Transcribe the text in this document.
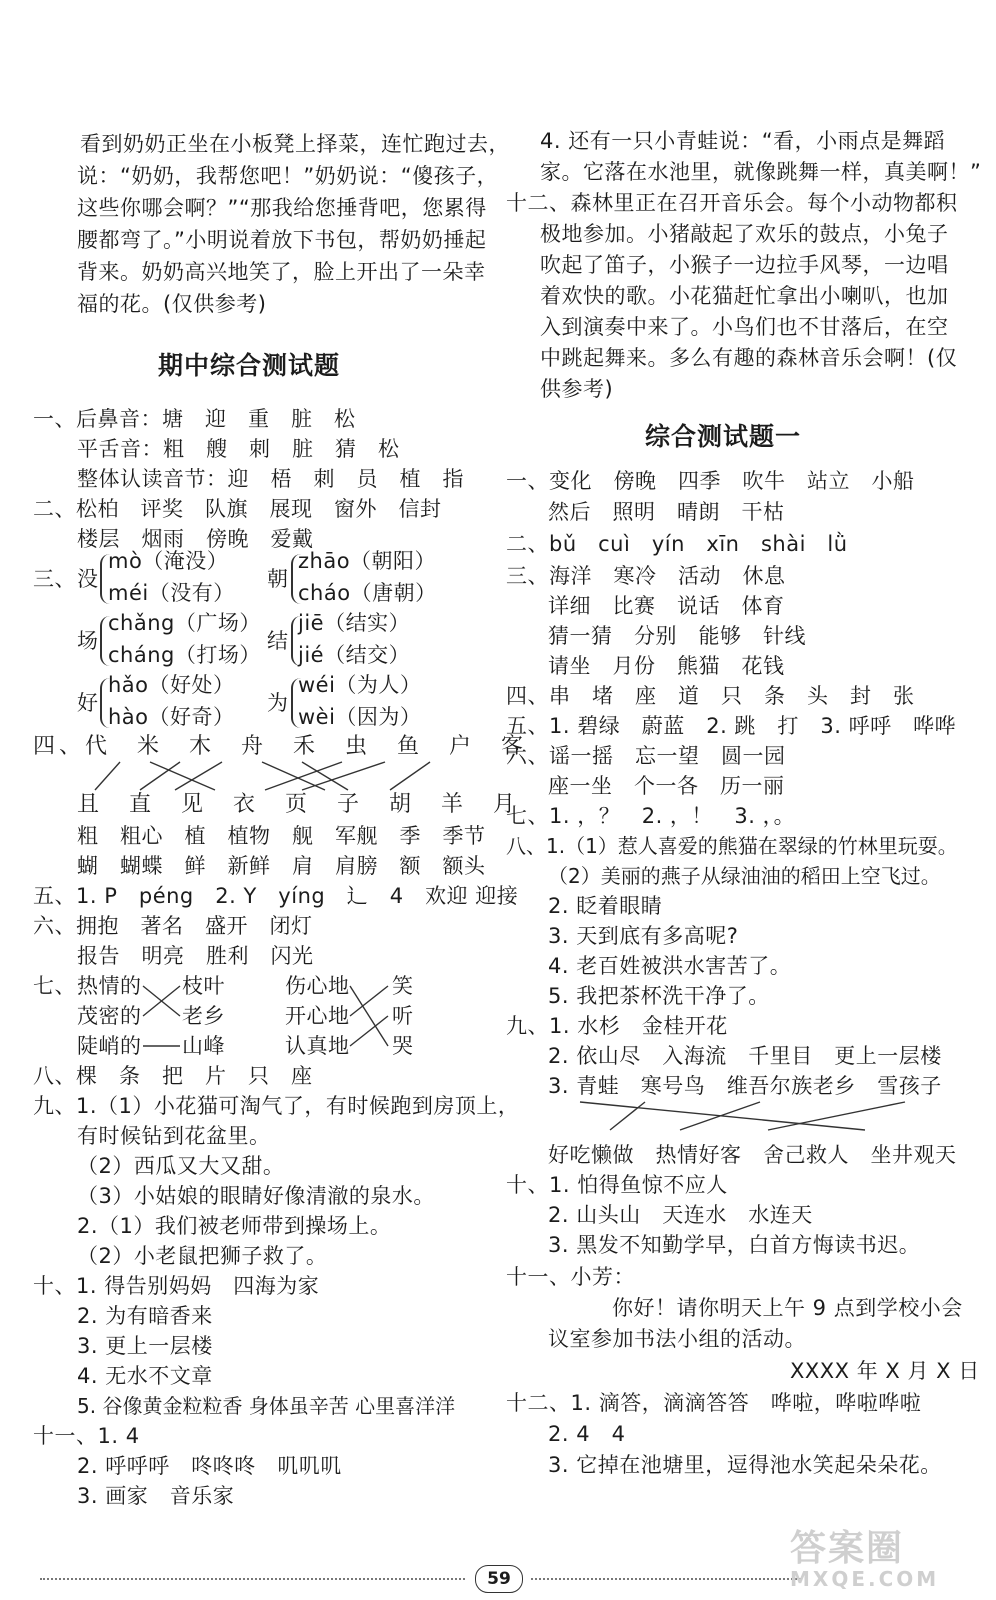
看到奶奶正坐在小板凳上择菜，连忙跑过去，
说：“奶奶，我帮您吧！”奶奶说：“傻孩子，
这些你哪会啊？”“那我给您捶背吧，您累得
腰都弯了。”小明说着放下书包，帮奶奶捶起
背来。奶奶高兴地笑了，脸上开出了一朵幸
福的花。(仅供参考)
期中综合测试题
一、后鼻音：塘　迎　重　脏　松
平舌音：粗　艘　刺　脏　猜　松
整体认读音节：迎　梧　刺　员　植　指
二、松柏　评奖　队旗　展现　窗外　信封
楼层　烟雨　傍晚　爱戴
三、 没
mò（淹没）
méi（没有）
朝
zhāo（朝阳）
cháo（唐朝）
场
chǎng（广场）
cháng（打场）
结
jiē（结实）
jié（结交）
好
hǎo（好处）
hào（好奇）
为
wéi（为人）
wèi（因为）
四、代　米　木　舟　禾　虫　鱼　户　客
且　直　见　衣　页　子　胡　羊　月
粗　粗心　植　植物　舰　军舰　季　季节
蝴　蝴蝶　鲜　新鲜　肩　肩膀　额　额头
五、1. P　péng　2. Y　yíng　辶　4　欢迎 迎接
六、拥抱　著名　盛开　闭灯
报告　明亮　胜利　闪光
七、 热情的
茂密的
陡峭的
枝叶
老乡
山峰
伤心地
开心地
认真地
笑
听
哭
八、棵　条　把　片　只　座
九、1.（1）小花猫可淘气了，有时候跑到房顶上，
有时候钻到花盆里。
（2）西瓜又大又甜。
（3）小姑娘的眼睛好像清澈的泉水。
2.（1）我们被老师带到操场上。
（2）小老鼠把狮子救了。
十、1. 得告别妈妈　四海为家
2. 为有暗香来
3. 更上一层楼
4. 无水不文章
5. 谷像黄金粒粒香 身体虽辛苦 心里喜洋洋
十一、1. 4
2. 呼呼呼　咚咚咚　叽叽叽
3. 画家　音乐家
4. 还有一只小青蛙说：“看，小雨点是舞蹈
家。它落在水池里，就像跳舞一样，真美啊！”
十二、森林里正在召开音乐会。每个小动物都积
极地参加。小猪敲起了欢乐的鼓点，小兔子
吹起了笛子，小猴子一边拉手风琴，一边唱
着欢快的歌。小花猫赶忙拿出小喇叭，也加
入到演奏中来了。小鸟们也不甘落后，在空
中跳起舞来。多么有趣的森林音乐会啊！(仅
供参考)
综合测试题一
一、变化　傍晚　四季　吹牛　站立　小船
然后　照明　晴朗　干枯
二、bǔ　cuì　yín　xīn　shài　lǜ
三、海洋　寒冷　活动　休息
详细　比赛　说话　体育
猜一猜　分别　能够　针线
请坐　月份　熊猫　花钱
四、串　堵　座　道　只　条　头　封　张
五、1. 碧绿　蔚蓝　2. 跳　打　3. 呼呼　哗哗
六、谣一摇　忘一望　圆一园
座一坐　个一各　历一丽
七、1. ，？　2. ，！　3. ，。
八、1.（1）惹人喜爱的熊猫在翠绿的竹林里玩耍。
（2）美丽的燕子从绿油油的稻田上空飞过。
2. 眨着眼睛
3. 天到底有多高呢?
4. 老百姓被洪水害苦了。
5. 我把茶杯洗干净了。
九、1. 水杉　金桂开花
2. 依山尽　入海流　千里目　更上一层楼
3. 青蛙　寒号鸟　维吾尔族老乡　雪孩子
好吃懒做　热情好客　舍己救人　坐井观天
十、1. 怕得鱼惊不应人
2. 山头山　天连水　水连天
3. 黑发不知勤学早，白首方悔读书迟。
十一、小芳：
你好！请你明天上午 9 点到学校小会
议室参加书法小组的活动。
XXXX 年 X 月 X 日
十二、1. 滴答，滴滴答答　哗啦，哗啦哗啦
2. 4　4
3. 它掉在池塘里，逗得池水笑起朵朵花。
59
答案圈
MXQE.COM
